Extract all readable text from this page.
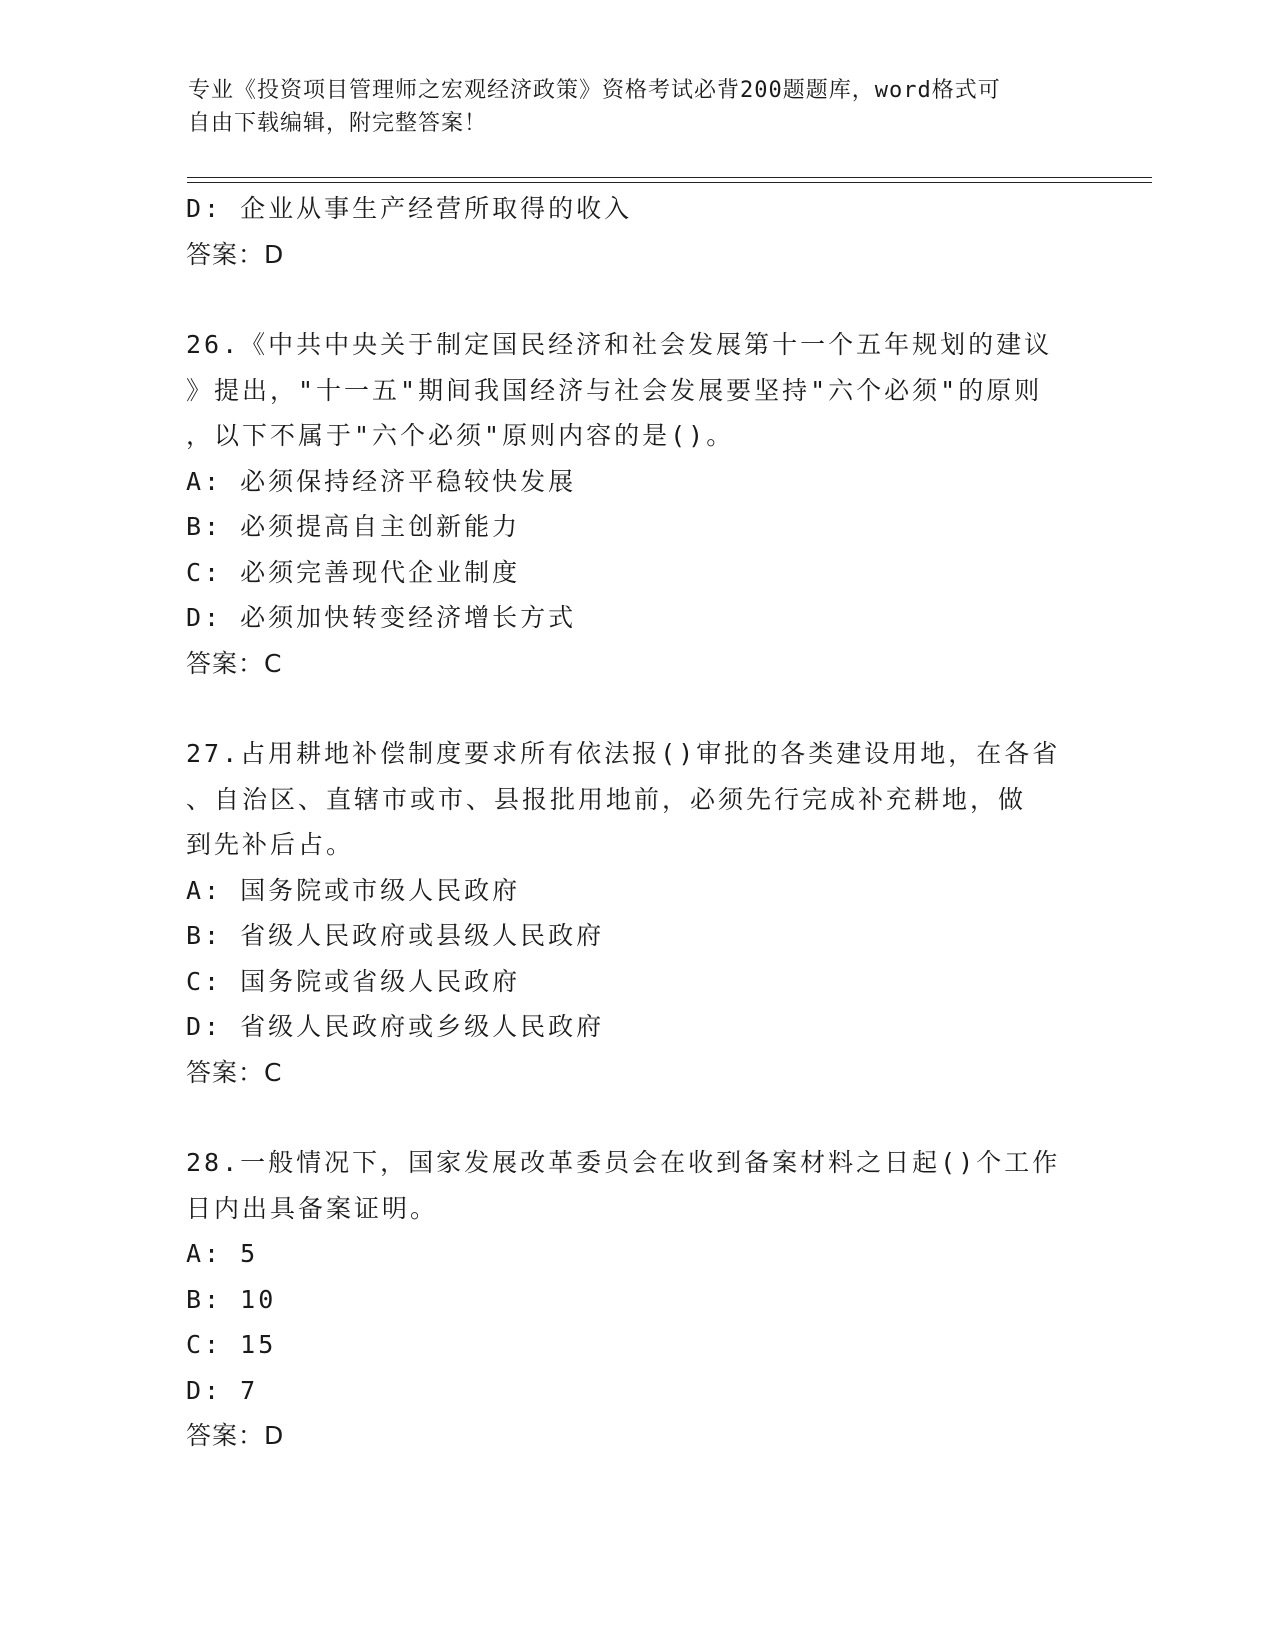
专业《投资项目管理师之宏观经济政策》资格考试必背200题题库，word格式可
自由下载编辑，附完整答案！
D: 企业从事生产经营所取得的收入
答案：D
26.《中共中央关于制定国民经济和社会发展第十一个五年规划的建议
》提出，"十一五"期间我国经济与社会发展要坚持"六个必须"的原则
，以下不属于"六个必须"原则内容的是()。
A: 必须保持经济平稳较快发展
B: 必须提高自主创新能力
C: 必须完善现代企业制度
D: 必须加快转变经济增长方式
答案：C
27.占用耕地补偿制度要求所有依法报()审批的各类建设用地，在各省
、自治区、直辖市或市、县报批用地前，必须先行完成补充耕地，做
到先补后占。
A: 国务院或市级人民政府
B: 省级人民政府或县级人民政府
C: 国务院或省级人民政府
D: 省级人民政府或乡级人民政府
答案：C
28.一般情况下，国家发展改革委员会在收到备案材料之日起()个工作
日内出具备案证明。
A: 5
B: 10
C: 15
D: 7
答案：D
